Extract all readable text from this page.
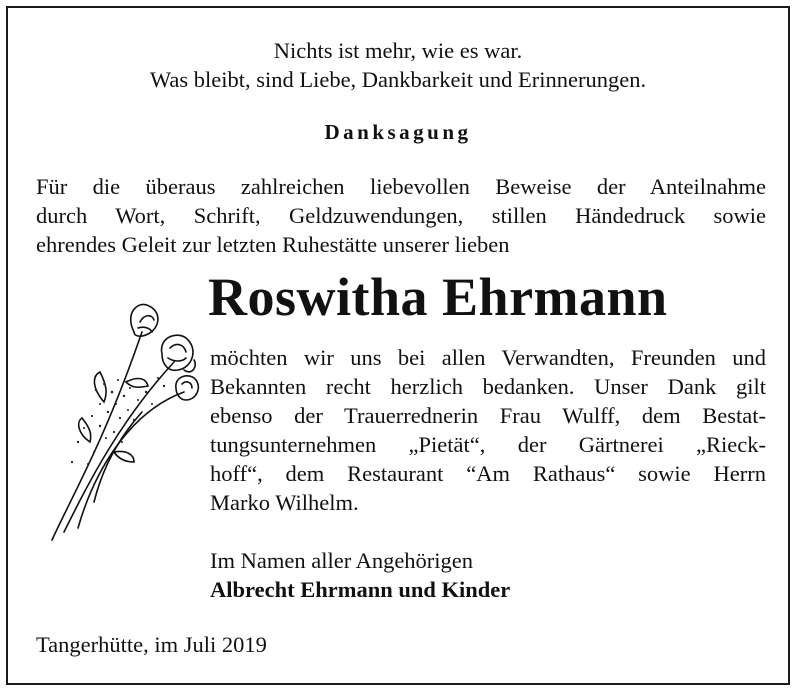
Nichts ist mehr, wie es war.
Was bleibt, sind Liebe, Dankbarkeit und Erinnerungen.
Danksagung
Für die überaus zahlreichen liebevollen Beweise der Anteilnahme
durch Wort, Schrift, Geldzuwendungen, stillen Händedruck sowie
ehrendes Geleit zur letzten Ruhestätte unserer lieben
Roswitha Ehrmann
möchten wir uns bei allen Verwandten, Freunden und
Bekannten recht herzlich bedanken. Unser Dank gilt
ebenso der Trauerrednerin Frau Wulff, dem Bestat-
tungsunternehmen „Pietät“, der Gärtnerei „Rieck-
hoff“, dem Restaurant “Am Rathaus“ sowie Herrn
Marko Wilhelm.
Im Namen aller Angehörigen
Albrecht Ehrmann und Kinder
Tangerhütte, im Juli 2019
